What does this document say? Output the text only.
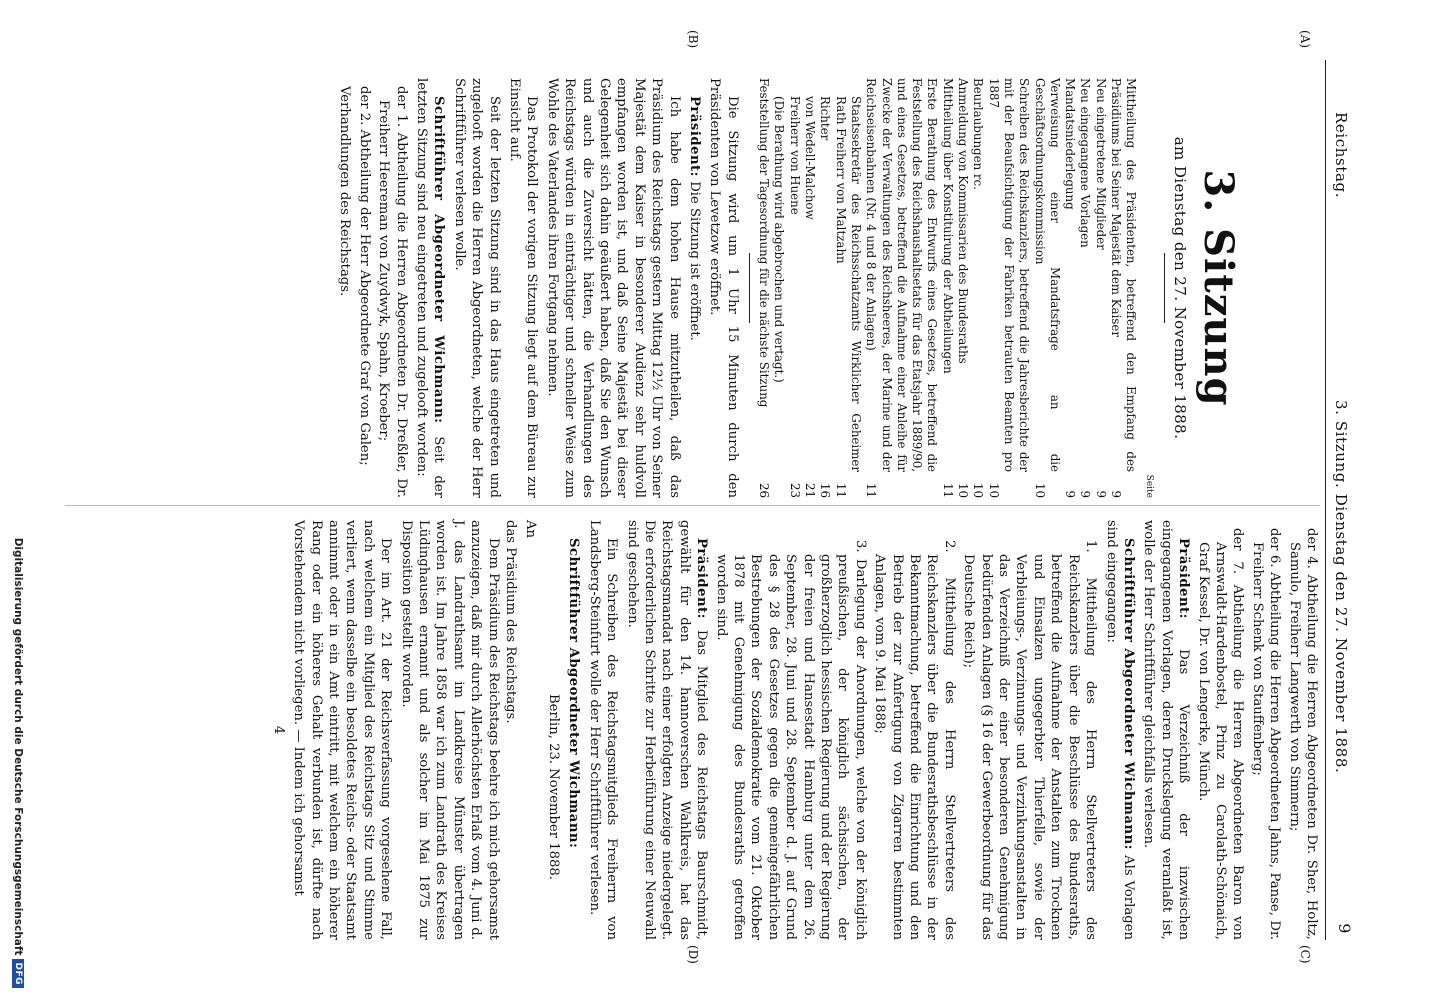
Reichstag.
3. Sitzung. Dienstag den 27. November 1888.
9
(A)
(B)
(C)
(D)
3. Sitzung
am Dienstag den 27. November 1888.
Seite
Mittheilung des Präsidenten, betreffend den Empfang des Präsidiums bei Seiner Majestät dem Kaiser
9
Neu eingetretene Mitglieder
9
Neu eingegangene Vorlagen
9
Mandatsniederlegung
9
Verweisung einer Mandatsfrage an die Geschäftsordnungskommission
10
Schreiben des Reichskanzlers, betreffend die Jahresberichte der mit der Beaufsichtigung der Fabriken betrauten Beamten pro 1887
10
Beurlaubungen rc.
10
Anmeldung von Kommissarien des Bundesraths
10
Mittheilung über Konstituirung der Abtheilungen
11
Erste Berathung des Entwurfs eines Gesetzes, betreffend die Feststellung des Reichshaushaltsetats für das Etatsjahr 1889/90, und eines Gesetzes, betreffend die Aufnahme einer Anleihe für Zwecke der Verwaltungen des Reichsheeres, der Marine und der Reichseisenbahnen (Nr. 4 und 8 der Anlagen)
11
Staatssekretär des Reichsschatzamts Wirklicher Geheimer Rath Freiherr von Maltzahn
11
Richter
16
von Wedell-Malchow
21
Freiherr von Huene
23
(Die Berathung wird abgebrochen und vertagt.)
Feststellung der Tagesordnung für die nächste Sitzung
26
Die Sitzung wird um 1 Uhr 15 Minuten durch den Präsidenten von Levetzow eröffnet.
Präsident: Die Sitzung ist eröffnet.
Ich habe dem hohen Hause mitzutheilen, daß das Präsidium des Reichstags gestern Mittag 12½ Uhr von Seiner Majestät dem Kaiser in besonderer Audienz sehr huldvoll empfangen worden ist, und daß Seine Majestät bei dieser Gelegenheit sich dahin geäußert haben, daß Sie den Wunsch und auch die Zuversicht hätten, die Verhandlungen des Reichstags würden in einträchtiger und schneller Weise zum Wohle des Vaterlandes ihren Fortgang nehmen.
Das Protokoll der vorigen Sitzung liegt auf dem Büreau zur Einsicht auf.
Seit der letzten Sitzung sind in das Haus eingetreten und zugelooft worden die Herren Abgeordneten, welche der Herr Schriftführer verlesen wolle.
Schriftführer Abgeordneter Wichmann: Seit der letzten Sitzung sind neu eingetreten und zugelooft worden:
der 1. Abtheilung die Herren Abgeordneten Dr. Dreßler, Dr. Freiherr Heereman von Zuydwyk, Spahn, Kroeber;
der 2. Abtheilung der Herr Abgeordnete Graf von Galen;
Verhandlungen des Reichstags.
der 4. Abtheilung die Herren Abgeordneten Dr. Sher, Holtz, Samulo, Freiherr Langwerth von Simmern;
der 6. Abtheilung die Herren Abgeordneten Jahns, Panse, Dr. Freiherr Schenk von Stauffenberg;
der 7. Abtheilung die Herren Abgeordneten Baron von Arnswaldt-Hardenbostel, Prinz zu Carolath-Schönaich, Graf Kessel, Dr. von Lengerke, Münch.
Präsident: Das Verzeichniß der inzwischen eingegangenen Vorlagen, deren Druckslegung veranlaßt ist, wolle der Herr Schriftführer gleichfalls verlesen.
Schriftführer Abgeordneter Wichmann: Als Vorlagen sind eingegangen:
1. Mittheilung des Herrn Stellvertreters des Reichskanzlers über die Beschlüsse des Bundesraths, betreffend die Aufnahme der Anstalten zum Trocknen und Einsalzen ungegerbter Thierfelle, sowie der Verbleiungs-, Verzinnungs- und Verzinkungsanstalten in das Verzeichniß der einer besonderen Genehmigung bedürfenden Anlagen (§ 16 der Gewerbeordnung für das Deutsche Reich);
2. Mittheilung des Herrn Stellvertreters des Reichskanzlers über die Bundesrathsbeschlüsse in der Bekanntmachung, betreffend die Einrichtung und den Betrieb der zur Anfertigung von Zigarren bestimmten Anlagen, vom 9. Mai 1888;
3. Darlegung der Anordnungen, welche von der königlich preußischen, der königlich sächsischen, der großherzoglich hessischen Regierung und der Regierung der freien und Hansestadt Hamburg unter dem 26. September, 28. Juni und 28. September d. J. auf Grund des § 28 des Gesetzes gegen die gemeingefährlichen Bestrebungen der Sozialdemokratie vom 21. Oktober 1878 mit Genehmigung des Bundesraths getroffen worden sind.
Präsident: Das Mitglied des Reichstags Baurschmidt, gewählt für den 14. hannoverschen Wahlkreis, hat das Reichstagsmandat nach einer erfolgten Anzeige niedergelegt. Die erforderlichen Schritte zur Herbeiführung einer Neuwahl sind geschehen.
Ein Schreiben des Reichstagsmitglieds Freiherrn von Landsberg-Steinfurt wolle der Herr Schriftführer verlesen.
Schriftführer Abgeordneter Wichmann:
Berlin, 23. November 1888.
An
das Präsidium des Reichstags.
Dem Präsidium des Reichstags beehre ich mich gehorsamst anzuzeigen, daß mir durch Allerhöchsten Erlaß vom 4. Juni d. J. das Landrathsamt im Landkreise Münster übertragen worden ist. Im Jahre 1858 war ich zum Landrath des Kreises Lüdinghausen ernannt und als solcher im Mai 1875 zur Disposition gestellt worden.
Der im Art. 21 der Reichsverfassung vorgesehene Fall, nach welchem ein Mitglied des Reichstags Sitz und Stimme verliert, wenn dasselbe ein besoldetes Reichs- oder Staatsamt annimmt oder in ein Amt eintritt, mit welchem ein höherer Rang oder ein höheres Gehalt verbunden ist, dürfte nach Vorstehendem nicht vorliegen. — Indem ich gehorsamst
4
Digitalisierung gefördert durch die Deutsche Forschungsgemeinschaft
DFG
